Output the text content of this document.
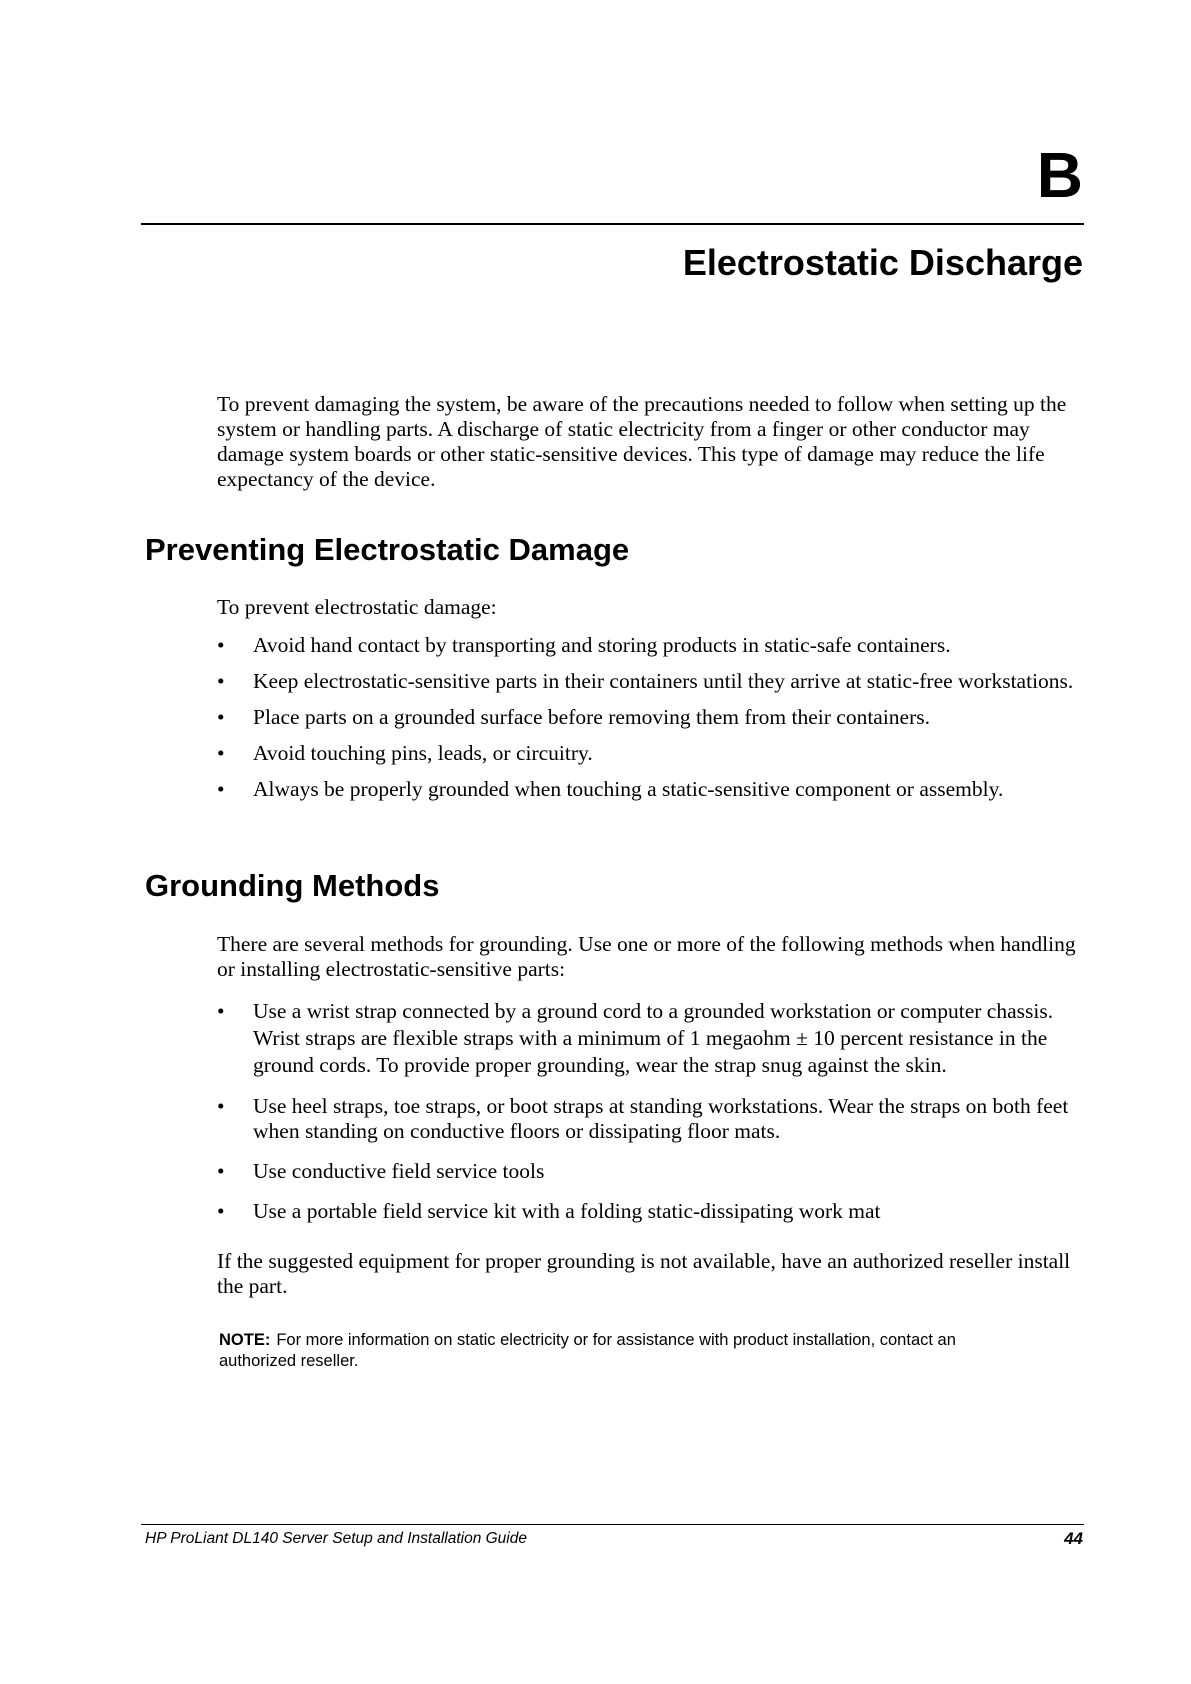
B
Electrostatic Discharge

To prevent damaging the system, be aware of the precautions needed to follow when setting up the system or handling parts. A discharge of static electricity from a finger or other conductor may damage system boards or other static-sensitive devices. This type of damage may reduce the life expectancy of the device.

Preventing Electrostatic Damage

To prevent electrostatic damage:

• Avoid hand contact by transporting and storing products in static-safe containers.
• Keep electrostatic-sensitive parts in their containers until they arrive at static-free workstations.
• Place parts on a grounded surface before removing them from their containers.
• Avoid touching pins, leads, or circuitry.
• Always be properly grounded when touching a static-sensitive component or assembly.
Grounding Methods

There are several methods for grounding. Use one or more of the following methods when handling or installing electrostatic-sensitive parts:

• Use a wrist strap connected by a ground cord to a grounded workstation or computer chassis. Wrist straps are flexible straps with a minimum of 1 megaohm ± 10 percent resistance in the ground cords. To provide proper grounding, wear the strap snug against the skin.
• Use heel straps, toe straps, or boot straps at standing workstations. Wear the straps on both feet when standing on conductive floors or dissipating floor mats.
• Use conductive field service tools
• Use a portable field service kit with a folding static-dissipating work mat

If the suggested equipment for proper grounding is not available, have an authorized reseller install the part.

NOTE: For more information on static electricity or for assistance with product installation, contact an authorized reseller.

HP ProLiant DL140 Server Setup and Installation Guide	44
